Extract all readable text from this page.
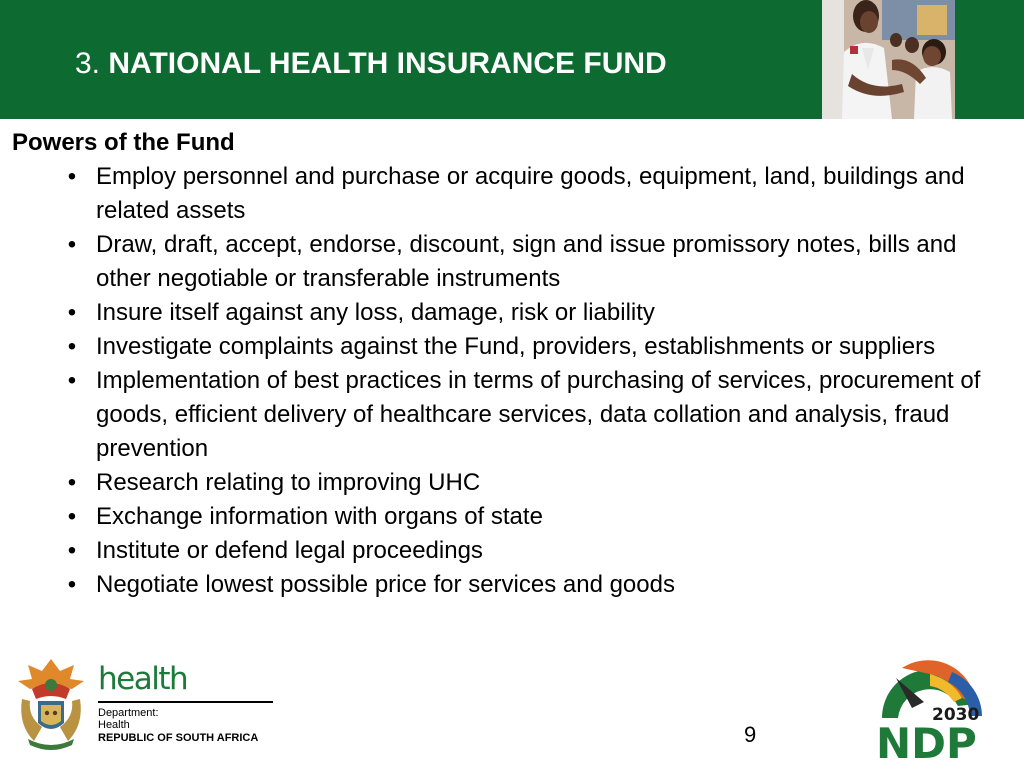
3. NATIONAL HEALTH INSURANCE FUND

Powers of the Fund

• Employ personnel and purchase or acquire goods, equipment, land, buildings and related assets
• Draw, draft, accept, endorse, discount, sign and issue promissory notes, bills and other negotiable or transferable instruments
• Insure itself against any loss, damage, risk or liability
• Investigate complaints against the Fund, providers, establishments or suppliers
• Implementation of best practices in terms of purchasing of services, procurement of goods, efficient delivery of healthcare services, data collation and analysis, fraud prevention
• Research relating to improving UHC
• Exchange information with organs of state
• Institute or defend legal proceedings
• Negotiate lowest possible price for services and goods
health
Department:
Health
REPUBLIC OF SOUTH AFRICA	9
2030
NDP
